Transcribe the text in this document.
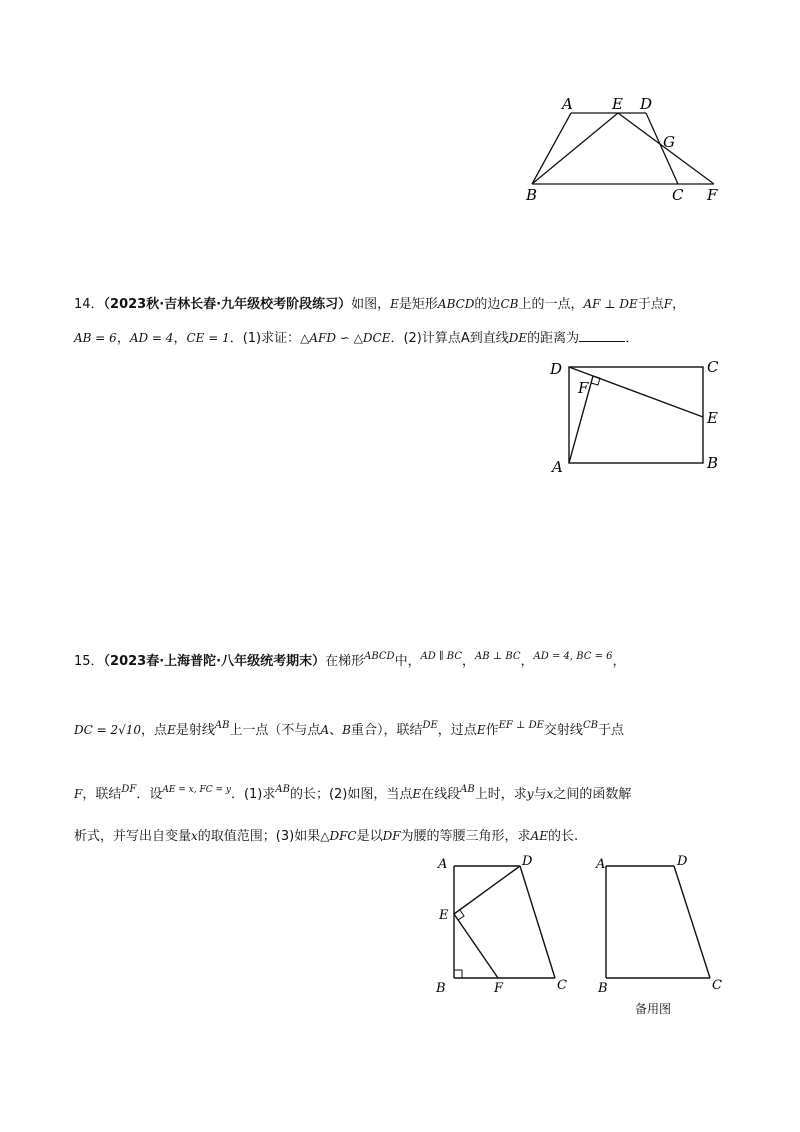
A	E D
G
B	C F
14．（2023秋·吉林长春·九年级校考阶段练习）如图，E是矩形ABCD的边CB上的一点，AF ⊥ DE于点F，
AB = 6，AD = 4，CE = 1．(1)求证：△AFD ∽ △DCE．(2)计算点A到直线DE的距离为	．
D	C
F
E
A	B
15．（2023春·上海普陀·八年级统考期末）在梯形$^{ABCD}$中，$^{AD \parallel BC}$，$^{AB \perp BC}$，$^{AD = 4, BC = 6}$，
DC = 2√10，点E是射线$^{AB}$上一点（不与点A、B重合），联结$^{DE}$，过点E作$^{EF \perp DE}$交射线$^{CB}$于点
F，联结$^{DF}$．设$^{AE = x, FC = y}$．(1)求$^{AB}$的长；(2)如图，当点E在线段$^{AB}$上时，求y与x之间的函数解
析式，并写出自变量x的取值范围；(3)如果△DFC是以DF为腰的等腰三角形，求AE的长.
A	D
E
B	F	C
A	D
B	C
备用图
